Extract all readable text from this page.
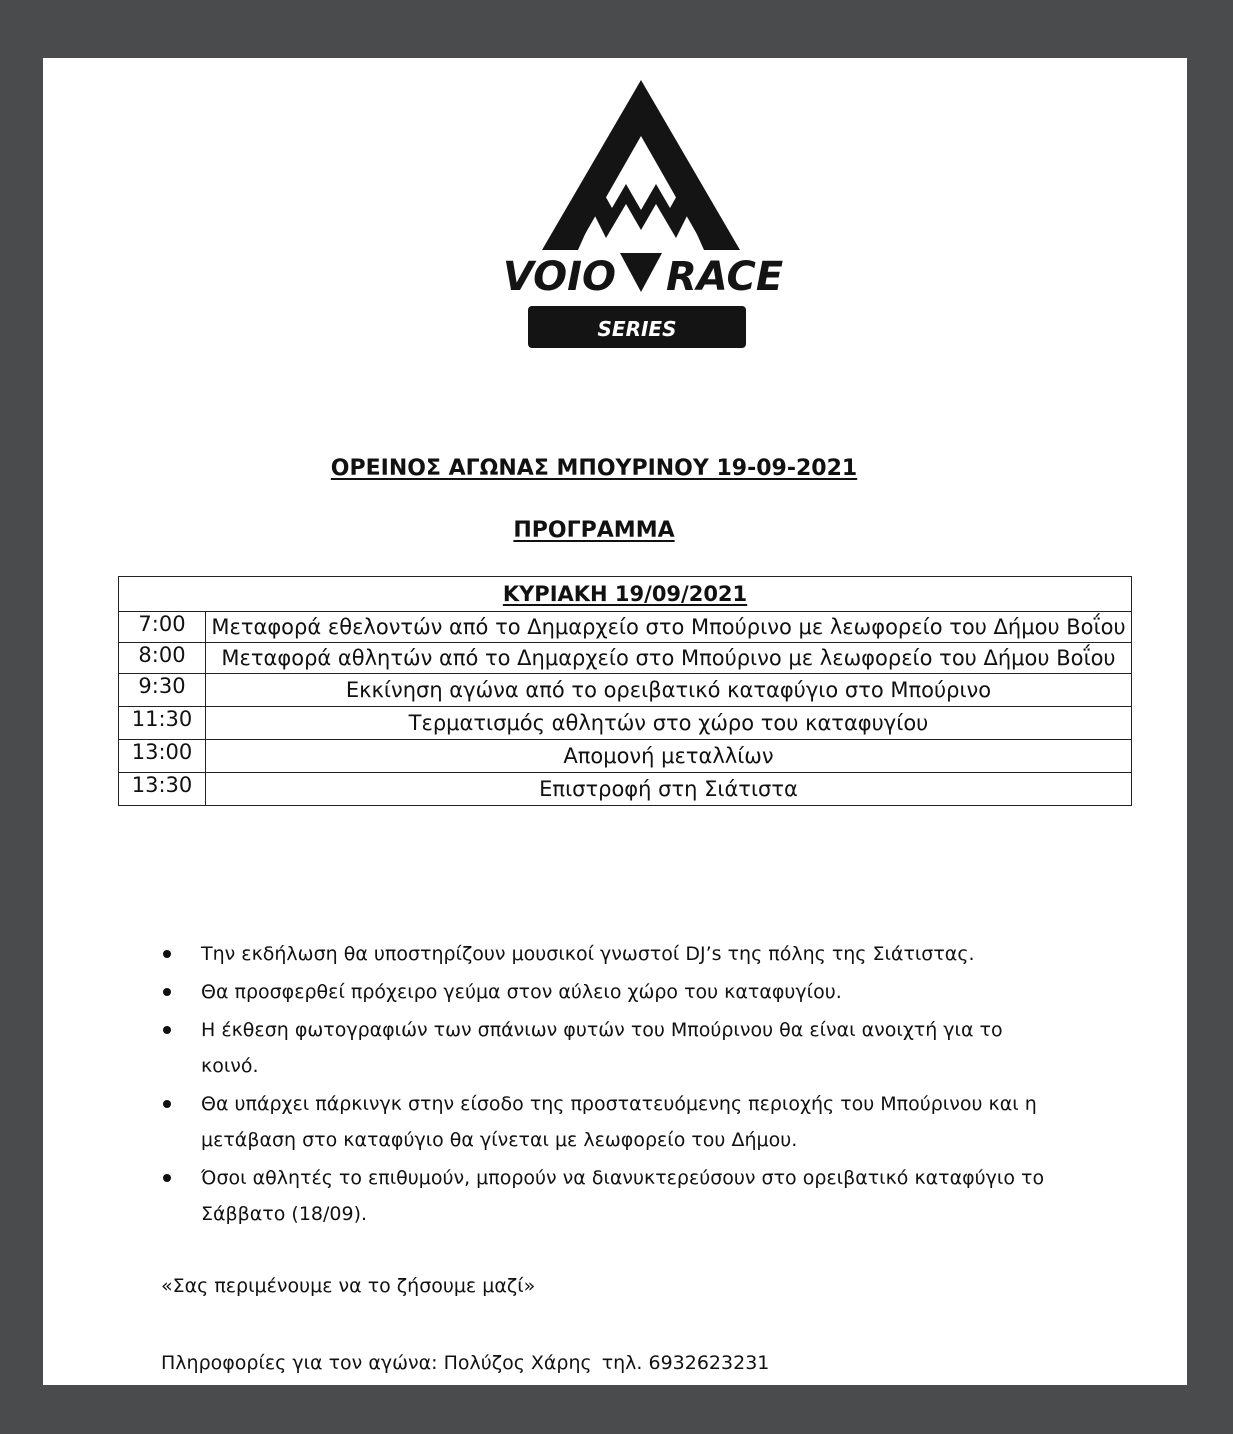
VOIO RACE
SERIES
ΟΡΕΙΝΟΣ ΑΓΩΝΑΣ ΜΠΟΥΡΙΝΟΥ 19-09-2021
ΠΡΟΓΡΑΜΜΑ
ΚΥΡΙΑΚΗ 19/09/2021	
7:00	Μεταφορά εθελοντών από το Δημαρχείο στο Μπούρινο με λεωφορείο του Δήμου Βοΐου
8:00	Μεταφορά αθλητών από το Δημαρχείο στο Μπούρινο με λεωφορείο του Δήμου Βοΐου
9:30	Εκκίνηση αγώνα από το ορειβατικό καταφύγιο στο Μπούρινο
11:30	Τερματισμός αθλητών στο χώρο του καταφυγίου
13:00	Απομονή μεταλλίων
13:30	Επιστροφή στη Σιάτιστα
Την εκδήλωση θα υποστηρίζουν μουσικοί γνωστοί DJ’s της πόλης της Σιάτιστας.
Θα προσφερθεί πρόχειρο γεύμα στον αύλειο χώρο του καταφυγίου.
Η έκθεση φωτογραφιών των σπάνιων φυτών του Μπούρινου θα είναι ανοιχτή για το κοινό.
Θα υπάρχει πάρκινγκ στην είσοδο της προστατευόμενης περιοχής του Μπούρινου και η μετάβαση στο καταφύγιο θα γίνεται με λεωφορείο του Δήμου.
Όσοι αθλητές το επιθυμούν, μπορούν να διανυκτερεύσουν στο ορειβατικό καταφύγιο το Σάββατο (18/09).

«Σας περιμένουμε να το ζήσουμε μαζί»

Πληροφορίες για τον αγώνα: Πολύζος Χάρης τηλ. 6932623231
